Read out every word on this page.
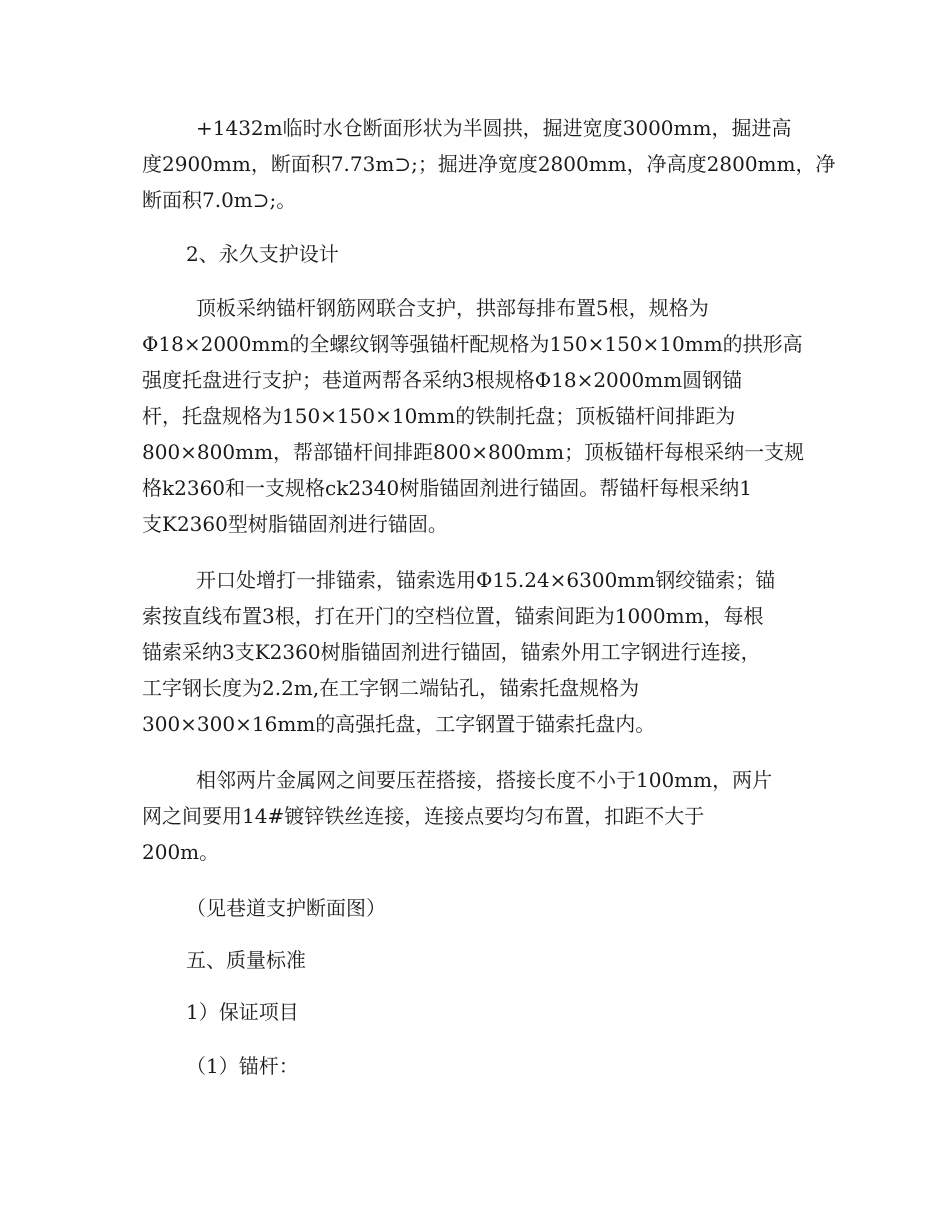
+1432m临时水仓断面形状为半圆拱，掘进宽度3000mm，掘进高
度2900mm，断面积7.73m⊃;；掘进净宽度2800mm，净高度2800mm，净
断面积7.0m⊃;。
2、永久支护设计
顶板采纳锚杆钢筋网联合支护，拱部每排布置5根，规格为
Φ18×2000mm的全螺纹钢等强锚杆配规格为150×150×10mm的拱形高
强度托盘进行支护；巷道两帮各采纳3根规格Φ18×2000mm圆钢锚
杆，托盘规格为150×150×10mm的铁制托盘；顶板锚杆间排距为
800×800mm，帮部锚杆间排距800×800mm；顶板锚杆每根采纳一支规
格k2360和一支规格ck2340树脂锚固剂进行锚固。帮锚杆每根采纳1
支K2360型树脂锚固剂进行锚固。
开口处增打一排锚索，锚索选用Φ15.24×6300mm钢绞锚索；锚
索按直线布置3根，打在开门的空档位置，锚索间距为1000mm，每根
锚索采纳3支K2360树脂锚固剂进行锚固，锚索外用工字钢进行连接，
工字钢长度为2.2m,在工字钢二端钻孔，锚索托盘规格为
300×300×16mm的高强托盘，工字钢置于锚索托盘内。
相邻两片金属网之间要压茬搭接，搭接长度不小于100mm，两片
网之间要用14#镀锌铁丝连接，连接点要均匀布置，扣距不大于
200m。
（见巷道支护断面图）
五、质量标准
1）保证项目
（1）锚杆：
